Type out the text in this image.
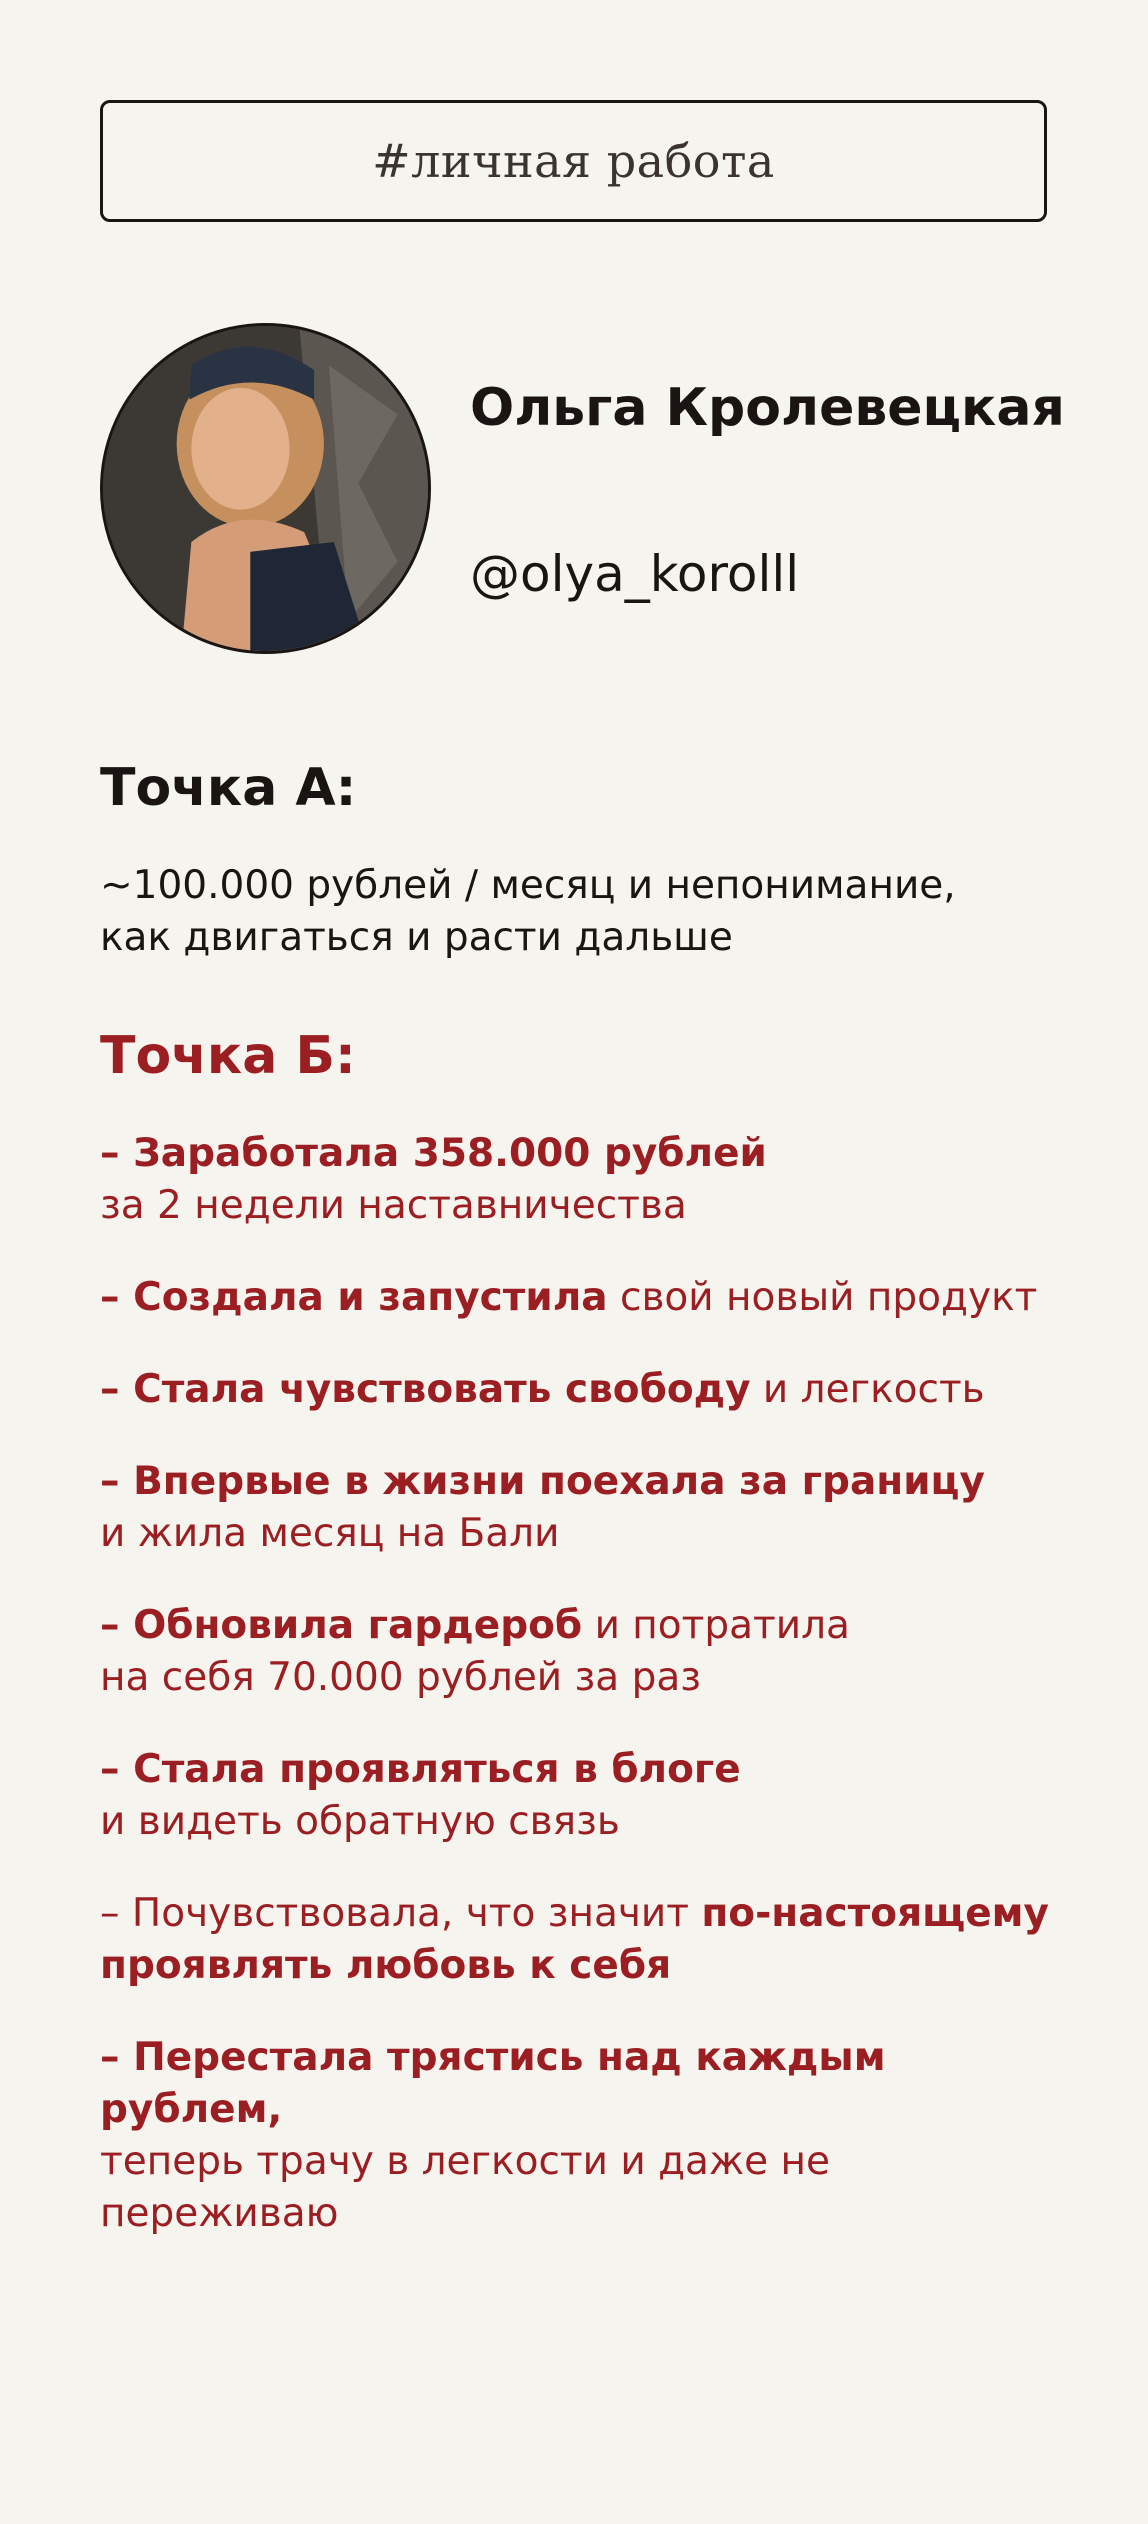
#личная работа
Ольга Кролевецкая
@olya_korolll
Точка А:
~100.000 рублей / месяц и непонимание,
как двигаться и расти дальше
Точка Б:
– Заработала 358.000 рублей
за 2 недели наставничества
– Создала и запустила свой новый продукт
– Стала чувствовать свободу и легкость
– Впервые в жизни поехала за границу
и жила месяц на Бали
– Обновила гардероб и потратила
на себя 70.000 рублей за раз
– Стала проявляться в блоге
и видеть обратную связь
– Почувствовала, что значит по-настоящему
проявлять любовь к себя
– Перестала трястись над каждым рублем,
теперь трачу в легкости и даже не переживаю
